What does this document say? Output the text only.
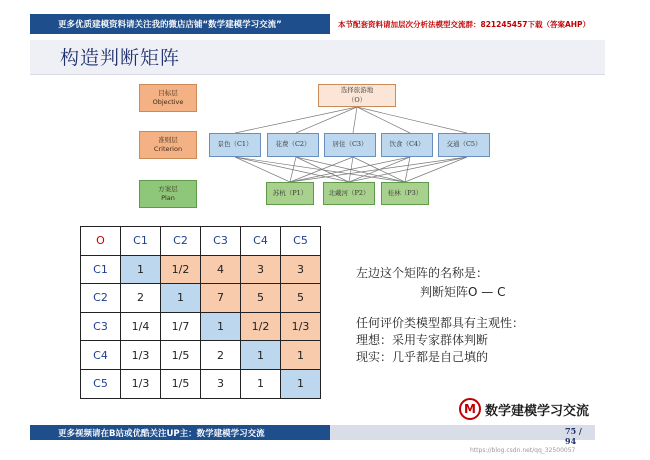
更多优质建模资料请关注我的微店店铺“数学建模学习交流”	本节配套资料请加层次分析法模型交流群：821245457下载（答案AHP）
构造判断矩阵
目标层
Objective
准则层
Criterion
方案层
Plan
选择旅游地
（O）
景色（C1）	花费（C2）	居住（C3）	饮食（C4）	交通（C5）
苏杭（P1）	北戴河（P2）	桂林（P3）
O	C1	C2	C3	C4	C5
C1	1	1/2	4	3	3
C2	2	1	7	5	5
C3	1/4	1/7	1	1/2	1/3
C4	1/3	1/5	2	1	1
C5	1/3	1/5	3	1	1
左边这个矩阵的名称是：
判断矩阵O — C
任何评价类模型都具有主观性：
理想：采用专家群体判断
现实：几乎都是自己填的
M 数学建模学习交流
更多视频请在B站或优酷关注UP主：数学建模学习交流	75 / 94
https://blog.csdn.net/qq_32500057
